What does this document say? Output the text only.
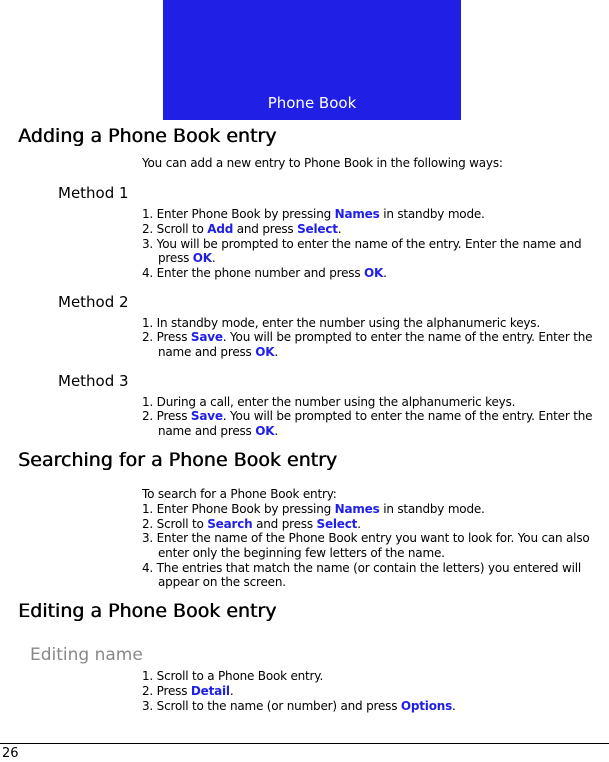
Phone Book
Adding a Phone Book entry
You can add a new entry to Phone Book in the following ways:
Method 1
1. Enter Phone Book by pressing Names in standby mode.
2. Scroll to Add and press Select.
3. You will be prompted to enter the name of the entry. Enter the name and
press OK.
4. Enter the phone number and press OK.
Method 2
1. In standby mode, enter the number using the alphanumeric keys.
2. Press Save. You will be prompted to enter the name of the entry. Enter the
name and press OK.
Method 3
1. During a call, enter the number using the alphanumeric keys.
2. Press Save. You will be prompted to enter the name of the entry. Enter the
name and press OK.
Searching for a Phone Book entry
To search for a Phone Book entry:
1. Enter Phone Book by pressing Names in standby mode.
2. Scroll to Search and press Select.
3. Enter the name of the Phone Book entry you want to look for. You can also
enter only the beginning few letters of the name.
4. The entries that match the name (or contain the letters) you entered will
appear on the screen.
Editing a Phone Book entry
Editing name
1. Scroll to a Phone Book entry.
2. Press Detail.
3. Scroll to the name (or number) and press Options.
26
